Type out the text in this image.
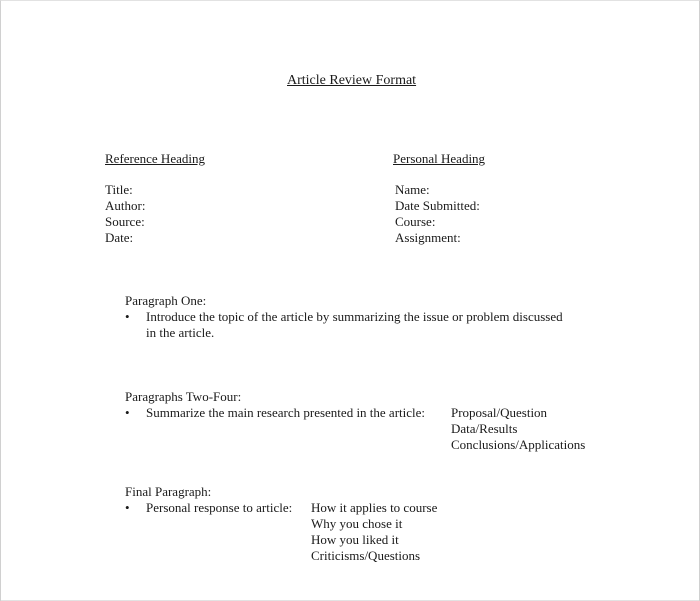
Article Review Format
Reference Heading
Title:
Author:
Source:
Date:
Personal Heading
Name:
Date Submitted:
Course:
Assignment:
Paragraph One:
• Introduce the topic of the article by summarizing the issue or problem discussed
in the article.
Paragraphs Two-Four:
• Summarize the main research presented in the article: Proposal/Question
Data/Results
Conclusions/Applications
Final Paragraph:
• Personal response to article: How it applies to course
Why you chose it
How you liked it
Criticisms/Questions
